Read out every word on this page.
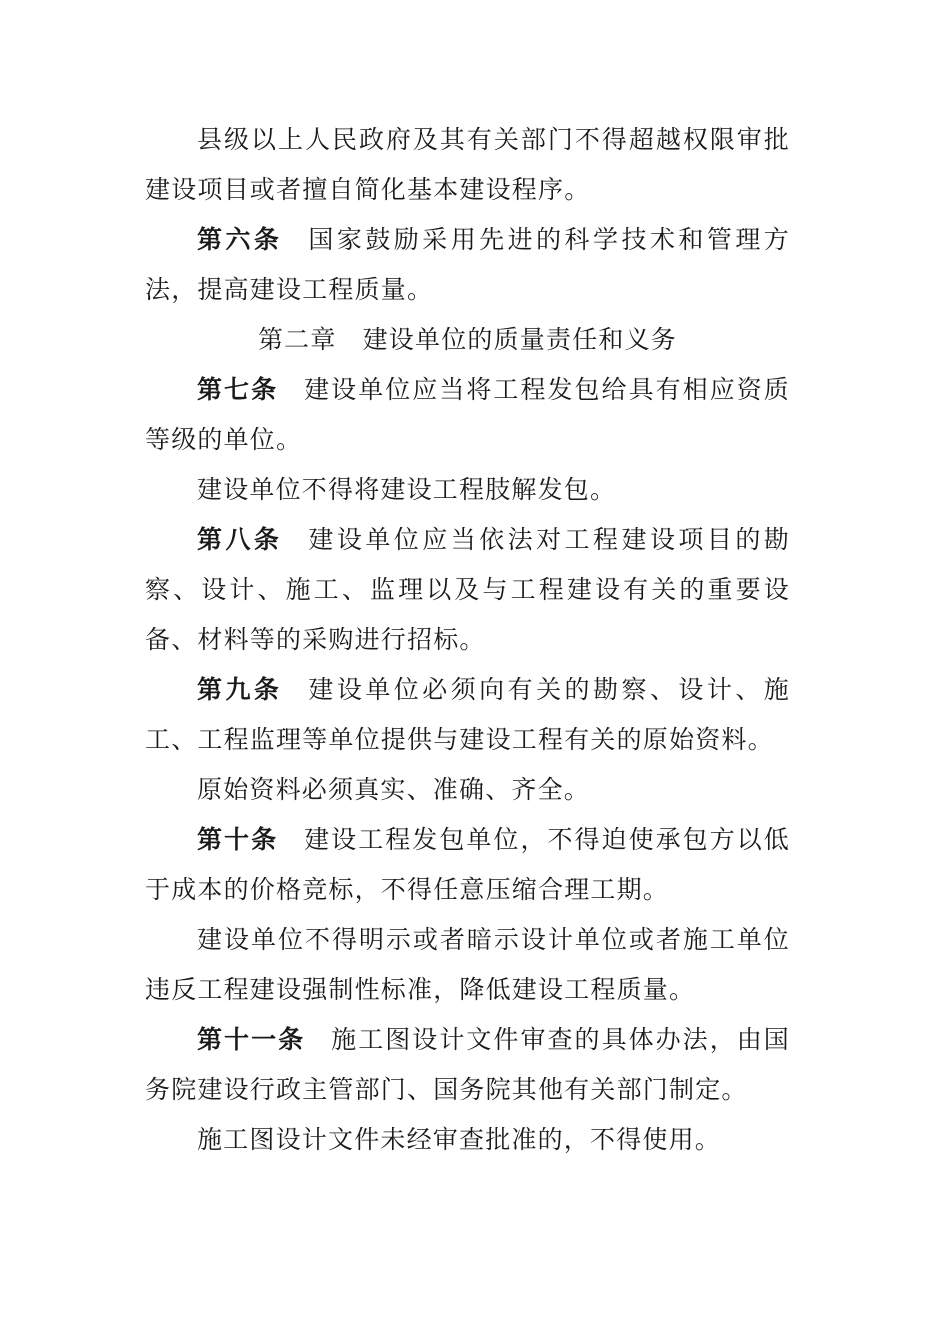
县级以上人民政府及其有关部门不得超越权限审批建设项目或者擅自简化基本建设程序。

第六条 国家鼓励采用先进的科学技术和管理方法，提高建设工程质量。

第二章 建设单位的质量责任和义务

第七条 建设单位应当将工程发包给具有相应资质等级的单位。

建设单位不得将建设工程肢解发包。

第八条 建设单位应当依法对工程建设项目的勘察、设计、施工、监理以及与工程建设有关的重要设备、材料等的采购进行招标。

第九条 建设单位必须向有关的勘察、设计、施工、工程监理等单位提供与建设工程有关的原始资料。

原始资料必须真实、准确、齐全。

第十条 建设工程发包单位，不得迫使承包方以低于成本的价格竞标，不得任意压缩合理工期。

建设单位不得明示或者暗示设计单位或者施工单位违反工程建设强制性标准，降低建设工程质量。

第十一条 施工图设计文件审查的具体办法，由国务院建设行政主管部门、国务院其他有关部门制定。

施工图设计文件未经审查批准的，不得使用。
